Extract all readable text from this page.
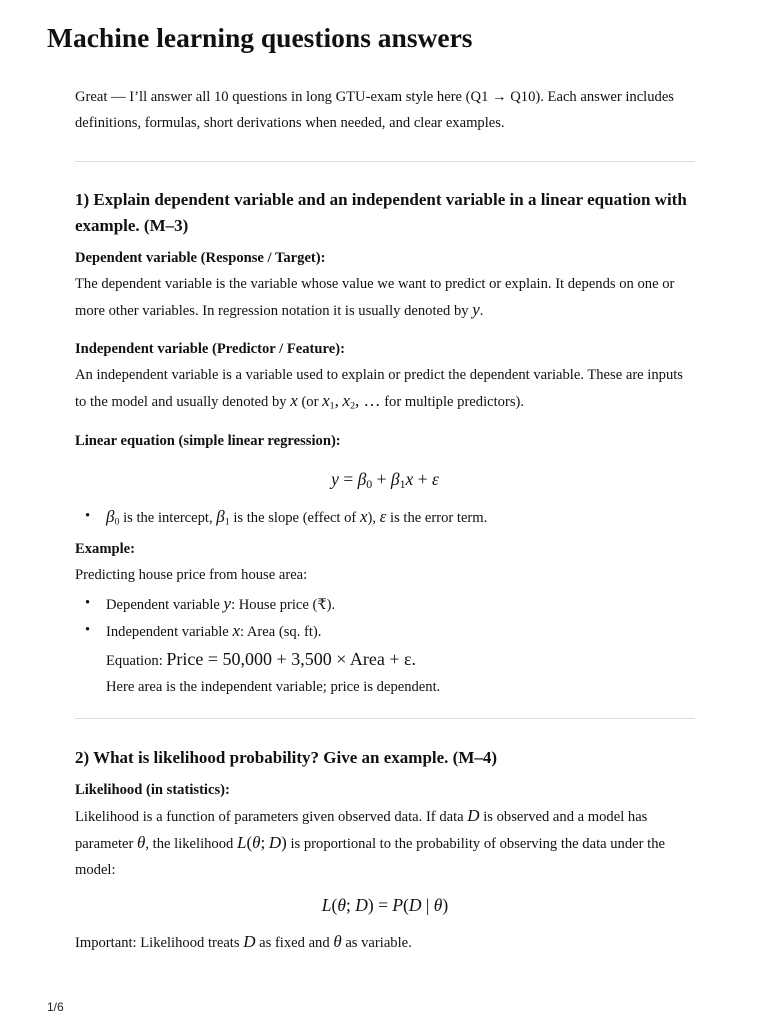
Machine learning questions answers

Great — I’ll answer all 10 questions in long GTU-exam style here (Q1 → Q10). Each answer includes definitions, formulas, short derivations when needed, and clear examples.

1) Explain dependent variable and an independent variable in a linear equation with example. (M–3)

Dependent variable (Response / Target):

The dependent variable is the variable whose value we want to predict or explain. It depends on one or more other variables. In regression notation it is usually denoted by y.

Independent variable (Predictor / Feature):

An independent variable is a variable used to explain or predict the dependent variable. These are inputs to the model and usually denoted by x (or $x_1$, $x_2$, … for multiple predictors).

Linear equation (simple linear regression):

$y = \beta_0 + \beta_1x + \varepsilon$
• $\beta_0$ is the intercept, $\beta_1$ is the slope (effect of x), ε is the error term.

Example:

Predicting house price from house area:

• Dependent variable y: House price (₹).
• Independent variable x: Area (sq. ft).
Equation: Price = 50,000 + 3,500 × Area + ε.
Here area is the independent variable; price is dependent.
2) What is likelihood probability? Give an example. (M–4)

Likelihood (in statistics):

Likelihood is a function of parameters given observed data. If data D is observed and a model has parameter θ, the likelihood L(θ; D) is proportional to the probability of observing the data under the model:

L(θ; D) = P(D | θ)

Important: Likelihood treats D as fixed and θ as variable.

1/6
